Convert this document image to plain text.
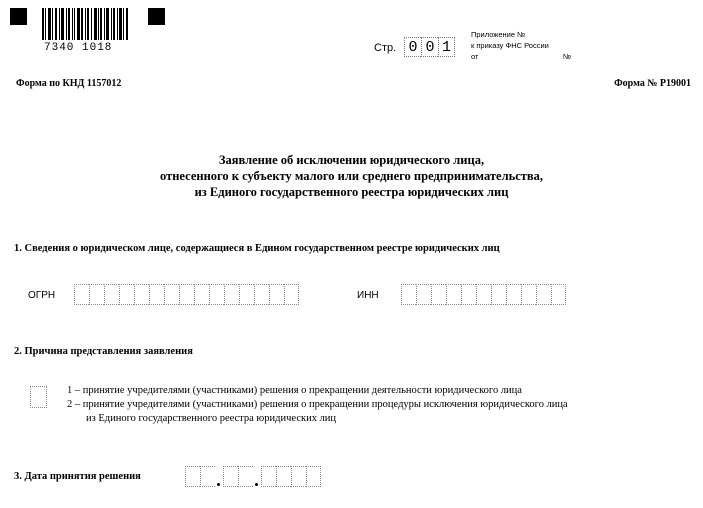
7340 1018	Стр. 0 0 1
Приложение №
к приказу ФНС России
от	№
Форма по КНД 1157012	Форма № Р19001
Заявление об исключении юридического лица,
отнесенного к субъекту малого или среднего предпринимательства,
из Единого государственного реестра юридических лиц
1. Сведения о юридическом лице, содержащиеся в Едином государственном реестре юридических лиц
ОГРН	ИНН
2. Причина представления заявления
1 – принятие учредителями (участниками) решения о прекращении деятельности юридического лица
2 – принятие учредителями (участниками) решения о прекращении процедуры исключения юридического лица
из Единого государственного реестра юридических лиц
3. Дата принятия решения
